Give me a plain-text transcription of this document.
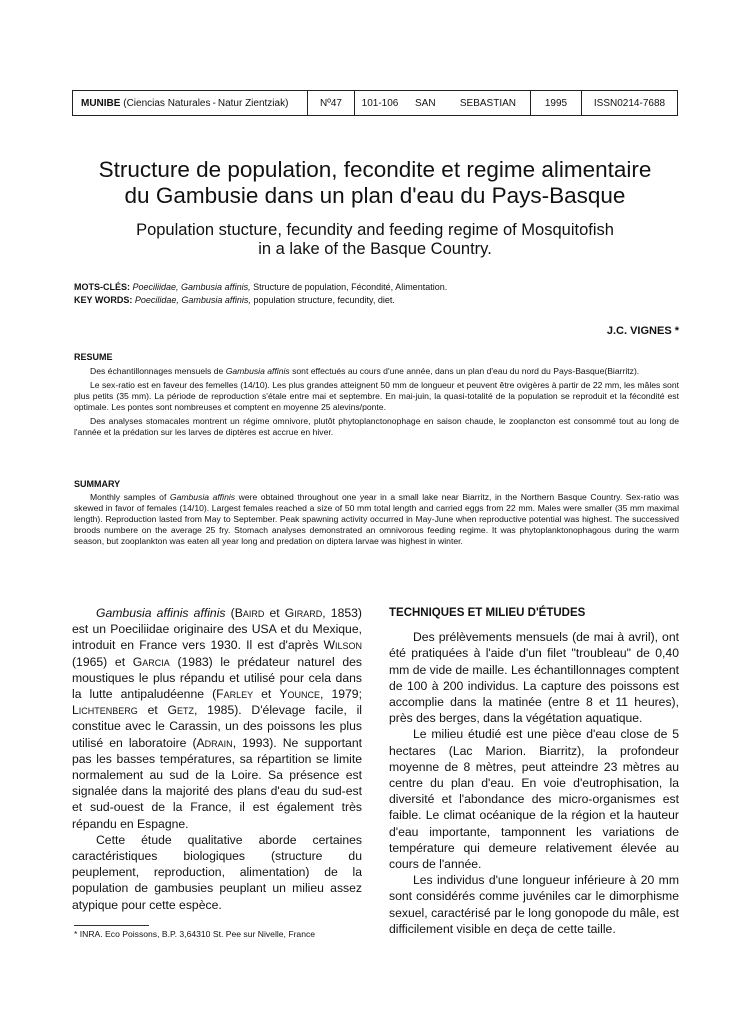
MUNIBE
(Ciencias Naturales - Natur Zientziak)	Nº47 101-106 SAN SEBASTIAN	1995	ISSN0214-7688
Structure de population, fecondite et regime alimentaire
du Gambusie dans un plan d'eau du Pays-Basque
Population stucture, fecundity and feeding regime of Mosquitofish
in a lake of the Basque Country.
MOTS-CLÉS: Poeciliidae, Gambusia affinis, Structure de population, Fécondité, Alimentation.
KEY WORDS: Poecilidae, Gambusia affinis, population structure, fecundity, diet.
J.C. VIGNES *
RESUME

Des échantillonnages mensuels de Gambusia affinis sont effectués au cours d'une année, dans un plan d'eau du nord du Pays-Basque(Biarritz).

Le sex-ratio est en faveur des femelles (14/10). Les plus grandes atteignent 50 mm de longueur et peuvent être ovigères à partir de 22 mm, les mâles sont plus petits (35 mm). La période de reproduction s'étale entre mai et septembre. En mai-juin, la quasi-totalité de la population se reproduit et la fécondité est optimale. Les pontes sont nombreuses et comptent en moyenne 25 alevins/ponte.

Des analyses stomacales montrent un régime omnivore, plutôt phytoplanctonophage en saison chaude, le zooplancton est consommé tout au long de l'année et la prédation sur les larves de diptères est accrue en hiver.

SUMMARY

Monthly samples of Gambusia affinis were obtained throughout one year in a small lake near Biarritz, in the Northern Basque Country. Sex-ratio was skewed in favor of females (14/10). Largest females reached a size of 50 mm total length and carried eggs from 22 mm. Males were smaller (35 mm maximal length). Reproduction lasted from May to September. Peak spawning activity occurred in May-June when reproductive potential was highest. The successived broods numbere on the average 25 fry. Stomach analyses demonstrated an omnivorous feeding regime. It was phytoplanktonophagous during the warm season, but zooplankton was eaten all year long and predation on diptera larvae was highest in winter.

Gambusia affinis affinis (Baird et Girard, 1853) est un Poeciliidae originaire des USA et du Mexique, introduit en France vers 1930. Il est d'après Wilson (1965) et Garcia (1983) le prédateur naturel des moustiques le plus répandu et utilisé pour cela dans la lutte antipaludéenne (Farley et Younce, 1979; Lichtenberg et Getz, 1985). D'élevage facile, il constitue avec le Carassin, un des poissons les plus utilisé en laboratoire (Adrain, 1993). Ne supportant pas les basses températures, sa répartition se limite normalement au sud de la Loire. Sa présence est signalée dans la majorité des plans d'eau du sud-est et sud-ouest de la France, il est également très répandu en Espagne.

Cette étude qualitative aborde certaines caractéristiques biologiques (structure du peuplement, reproduction, alimentation) de la population de gambusies peuplant un milieu assez atypique pour cette espèce.

TECHNIQUES ET MILIEU D'ÉTUDES

Des prélèvements mensuels (de mai à avril), ont été pratiquées à l'aide d'un filet "troubleau" de 0,40 mm de vide de maille. Les échantillonnages comptent de 100 à 200 individus. La capture des poissons est accomplie dans la matinée (entre 8 et 11 heures), près des berges, dans la végétation aquatique.

Le milieu étudié est une pièce d'eau close de 5 hectares (Lac Marion. Biarritz), la profondeur moyenne de 8 mètres, peut atteindre 23 mètres au centre du plan d'eau. En voie d'eutrophisation, la diversité et l'abondance des micro-organismes est faible. Le climat océanique de la région et la hauteur d'eau importante, tamponnent les variations de température qui demeure relativement élevée au cours de l'année.

Les individus d'une longueur inférieure à 20 mm sont considérés comme juvéniles car le dimorphisme sexuel, caractérisé par le long gonopode du mâle, est difficilement visible en deça de cette taille.

* INRA. Eco Poissons, B.P. 3,64310 St. Pee sur Nivelle, France
